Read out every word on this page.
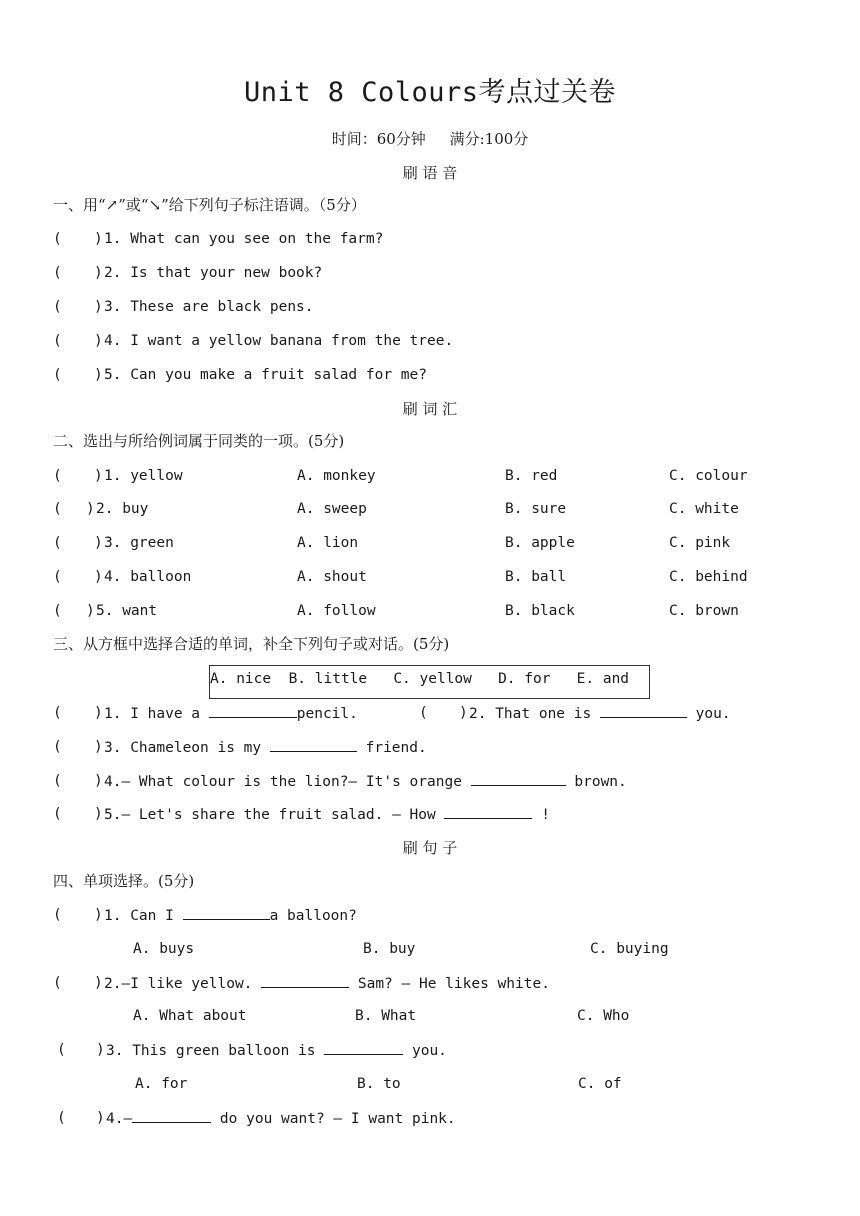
Unit 8 Colours考点过关卷
时间：60分钟     满分:100分
刷 语 音
一、用“↗”或“↘”给下列句子标注语调。（5分）
( ) 1. What can you see on the farm?
( ) 2. Is that your new book?
( ) 3. These are black pens.
( ) 4. I want a yellow banana from the tree.
( ) 5. Can you make a fruit salad for me?
刷 词 汇
二、选出与所给例词属于同类的一项。(5分)
( ) 1. yellow	A. monkey	B. red	C. colour
( ) 2. buy	A. sweep	B. sure	C. white
( ) 3. green	A. lion	B. apple	C. pink
( ) 4. balloon	A. shout	B. ball	C. behind
( ) 5. want	A. follow	B. black	C. brown
三、从方框中选择合适的单词，补全下列句子或对话。(5分)
A. nice  B. little   C. yellow   D. for   E. and
( ) 1. I have a	pencil.	( ) 2. That one is	you.
( ) 3. Chameleon is my	friend.
( ) 4.— What colour is the lion?— It's orange	brown.
( ) 5.— Let's share the fruit salad. — How	!
刷 句 子
四、单项选择。(5分)
( ) 1. Can I	a balloon?
A. buys	B. buy	C. buying
( ) 2.—I like yellow.	Sam? — He likes white.
A. What about	B. What	C. Who
( ) 3. This green balloon is	you.
A. for	B. to	C. of
( ) 4.—	do you want? — I want pink.
